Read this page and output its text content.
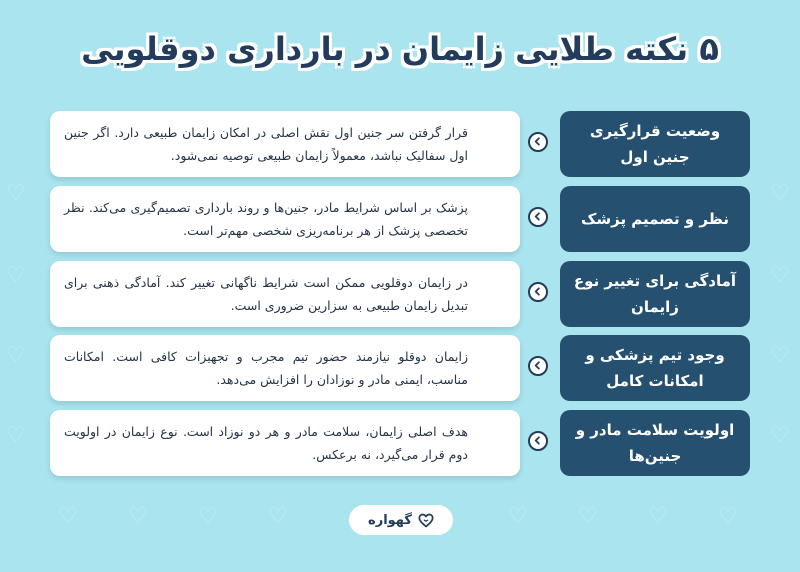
♡
♡
♡
♡
♡
♡
♡
♡
♡ ♡ ♡ ♡	♡ ♡ ♡ ♡
۵ نکته طلایی زایمان در بارداری دوقلویی
قرار گرفتن سر جنین اول نقش اصلی در امکان زایمان طبیعی دارد. اگر جنین اول سفالیک نباشد، معمولاً زایمان طبیعی توصیه نمی‌شود.
وضعیت قرارگیری جنین اول
پزشک بر اساس شرایط مادر، جنین‌ها و روند بارداری تصمیم‌گیری می‌کند. نظر تخصصی پزشک از هر برنامه‌ریزی شخصی مهم‌تر است.
نظر و تصمیم پزشک
در زایمان دوقلویی ممکن است شرایط ناگهانی تغییر کند. آمادگی ذهنی برای تبدیل زایمان طبیعی به سزارین ضروری است.
آمادگی برای تغییر نوع زایمان
زایمان دوقلو نیازمند حضور تیم مجرب و تجهیزات کافی است. امکانات مناسب، ایمنی مادر و نوزادان را افزایش می‌دهد.
وجود تیم پزشکی و امکانات کامل
هدف اصلی زایمان، سلامت مادر و هر دو نوزاد است. نوع زایمان در اولویت دوم قرار می‌گیرد، نه برعکس.
اولویت سلامت مادر و جنین‌ها
گهواره
